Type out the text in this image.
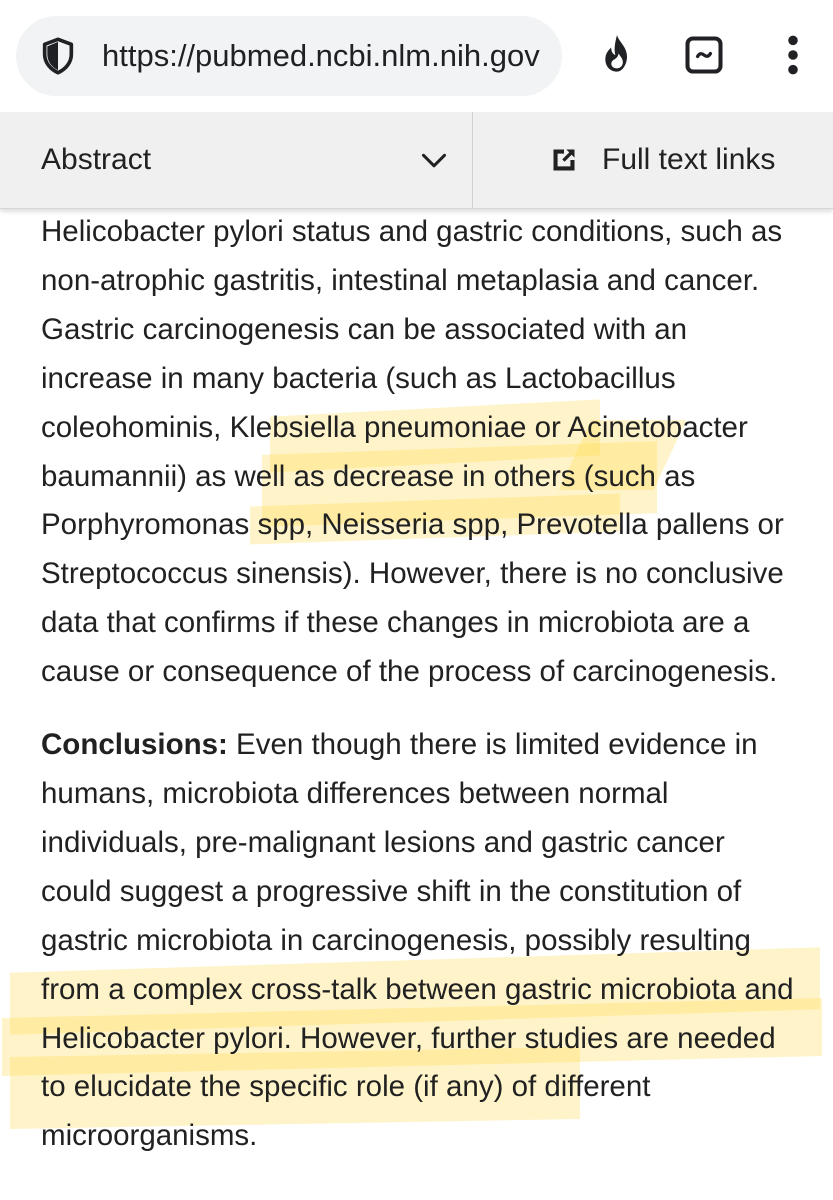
https://pubmed.ncbi.nlm.nih.gov
Abstract	Full text links

Helicobacter pylori status and gastric conditions, such as non-atrophic gastritis, intestinal metaplasia and cancer. Gastric carcinogenesis can be associated with an increase in many bacteria (such as Lactobacillus coleohominis, Klebsiella pneumoniae or Acinetobacter baumannii) as well as decrease in others (such as Porphyromonas spp, Neisseria spp, Prevotella pallens or Streptococcus sinensis). However, there is no conclusive data that confirms if these changes in microbiota are a cause or consequence of the process of carcinogenesis.

Conclusions: Even though there is limited evidence in humans, microbiota differences between normal individuals, pre-malignant lesions and gastric cancer could suggest a progressive shift in the constitution of gastric microbiota in carcinogenesis, possibly resulting from a complex cross-talk between gastric microbiota and Helicobacter pylori. However, further studies are needed to elucidate the specific role (if any) of different microorganisms.
